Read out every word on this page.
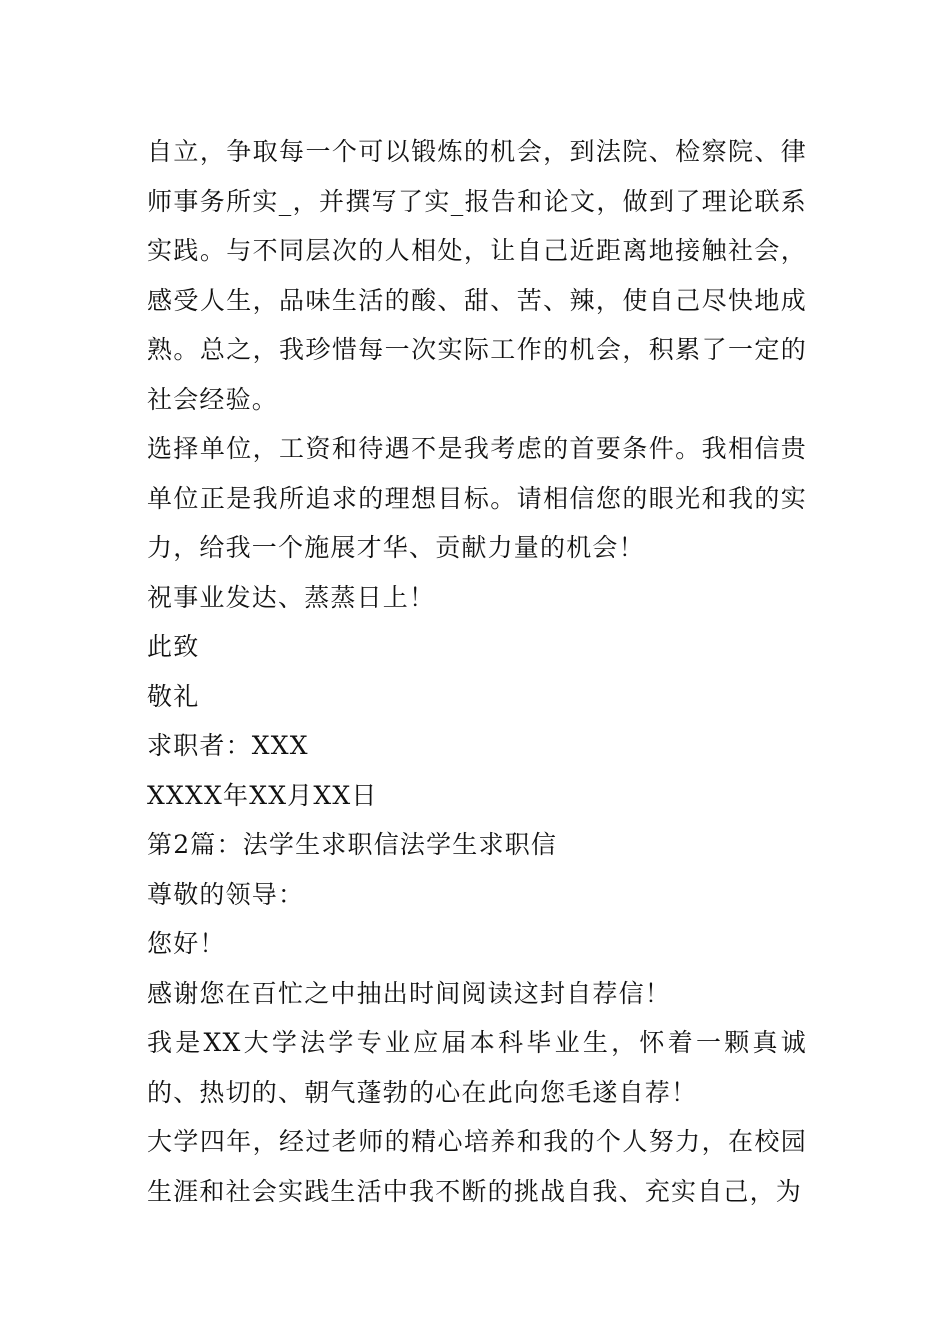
自立，争取每一个可以锻炼的机会，到法院、检察院、律师事务所实_，并撰写了实_报告和论文，做到了理论联系实践。与不同层次的人相处，让自己近距离地接触社会，感受人生，品味生活的酸、甜、苦、辣，使自己尽快地成熟。总之，我珍惜每一次实际工作的机会，积累了一定的社会经验。

选择单位，工资和待遇不是我考虑的首要条件。我相信贵单位正是我所追求的理想目标。请相信您的眼光和我的实力，给我一个施展才华、贡献力量的机会！

祝事业发达、蒸蒸日上！

此致

敬礼

求职者：XXX

XXXX年XX月XX日

第2篇：法学生求职信法学生求职信

尊敬的领导：

您好！

感谢您在百忙之中抽出时间阅读这封自荐信！

我是XX大学法学专业应届本科毕业生，怀着一颗真诚的、热切的、朝气蓬勃的心在此向您毛遂自荐！

大学四年，经过老师的精心培养和我的个人努力，在校园生涯和社会实践生活中我不断的挑战自我、充实自己，为
